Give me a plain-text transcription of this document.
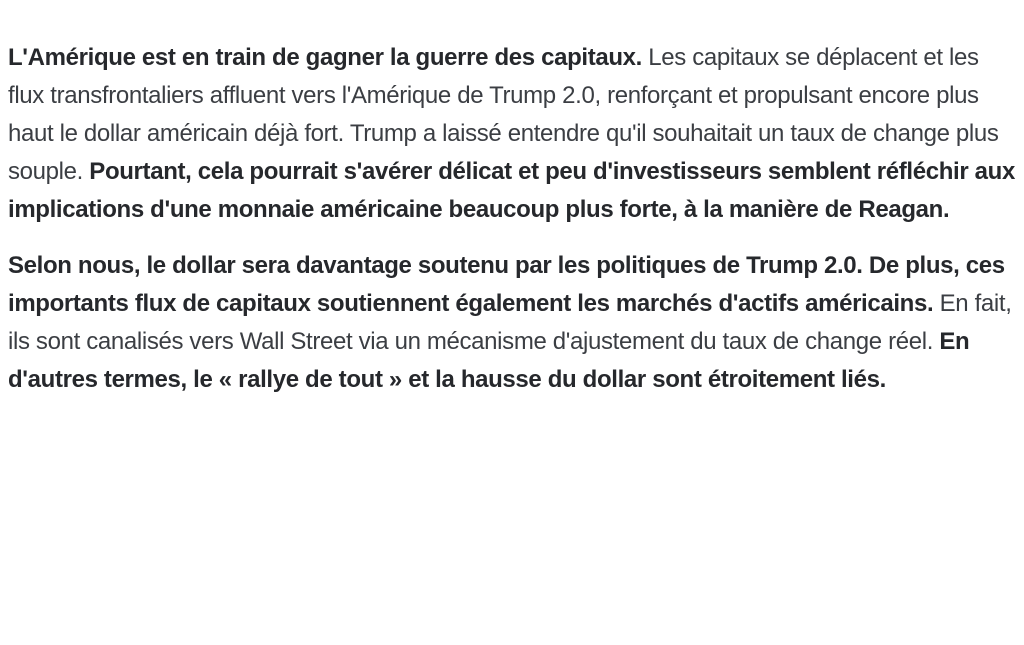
L'Amérique est en train de gagner la guerre des capitaux. Les capitaux se déplacent et les flux transfrontaliers affluent vers l'Amérique de Trump 2.0, renforçant et propulsant encore plus haut le dollar américain déjà fort. Trump a laissé entendre qu'il souhaitait un taux de change plus souple. Pourtant, cela pourrait s'avérer délicat et peu d'investisseurs semblent réfléchir aux implications d'une monnaie américaine beaucoup plus forte, à la manière de Reagan.

Selon nous, le dollar sera davantage soutenu par les politiques de Trump 2.0. De plus, ces importants flux de capitaux soutiennent également les marchés d'actifs américains. En fait, ils sont canalisés vers Wall Street via un mécanisme d'ajustement du taux de change réel. En d'autres termes, le « rallye de tout » et la hausse du dollar sont étroitement liés.
